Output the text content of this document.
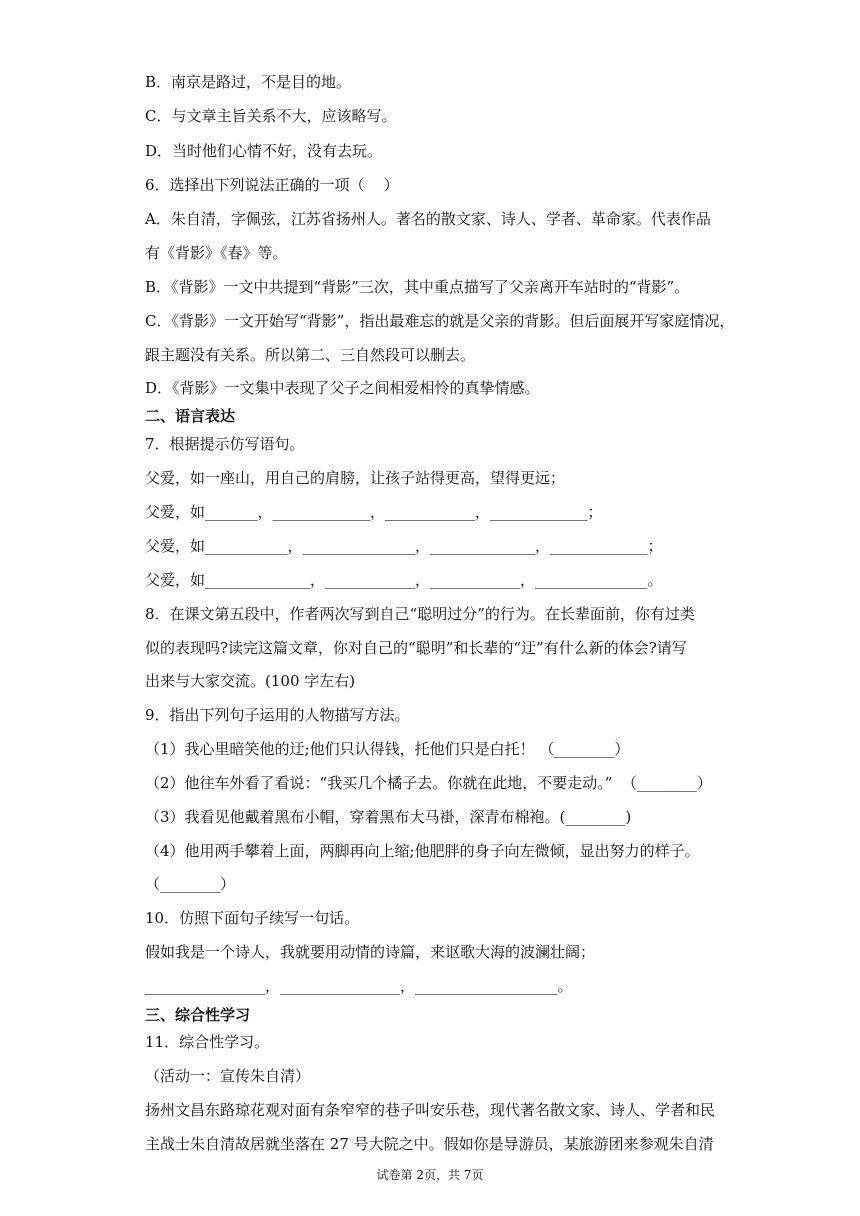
B．南京是路过，不是目的地。
C．与文章主旨关系不大，应该略写。
D．当时他们心情不好，没有去玩。
6．选择出下列说法正确的一项（    ）
A．朱自清，字佩弦，江苏省扬州人。著名的散文家、诗人、学者、革命家。代表作品
有《背影》《春》等。
B．《背影》一文中共提到“背影”三次，其中重点描写了父亲离开车站时的“背影”。
C．《背影》一文开始写“背影”，指出最难忘的就是父亲的背影。但后面展开写家庭情况，
跟主题没有关系。所以第二、三自然段可以删去。
D．《背影》一文集中表现了父子之间相爱相怜的真挚情感。
二、语言表达
7．根据提示仿写语句。
父爱，如一座山，用自己的肩膀，让孩子站得更高，望得更远；
父爱，如_______，_____________，____________，_____________；
父爱，如___________，_______________，______________，_____________；
父爱，如______________，____________，____________，_______________。
8．在课文第五段中，作者两次写到自己“聪明过分”的行为。在长辈面前，你有过类
似的表现吗?读完这篇文章，你对自己的“聪明”和长辈的“迂”有什么新的体会?请写
出来与大家交流。(100 字左右)
9．指出下列句子运用的人物描写方法。
（1）我心里暗笑他的迂;他们只认得钱，托他们只是白托！ （________）
（2）他往车外看了看说：“我买几个橘子去。你就在此地，不要走动。”  （________）
（3）我看见他戴着黑布小帽，穿着黑布大马褂，深青布棉袍。(________)
（4）他用两手攀着上面，两脚再向上缩;他肥胖的身子向左微倾，显出努力的样子。
（________）
10．仿照下面句子续写一句话。
假如我是一个诗人，我就要用动情的诗篇，来讴歌大海的波澜壮阔；
________________，________________，___________________。
三、综合性学习
11．综合性学习。
（活动一：宣传朱自清）
扬州文昌东路琼花观对面有条窄窄的巷子叫安乐巷，现代著名散文家、诗人、学者和民
主战士朱自清故居就坐落在 27 号大院之中。假如你是导游员，某旅游团来参观朱自清
试卷第 2页，共 7页
